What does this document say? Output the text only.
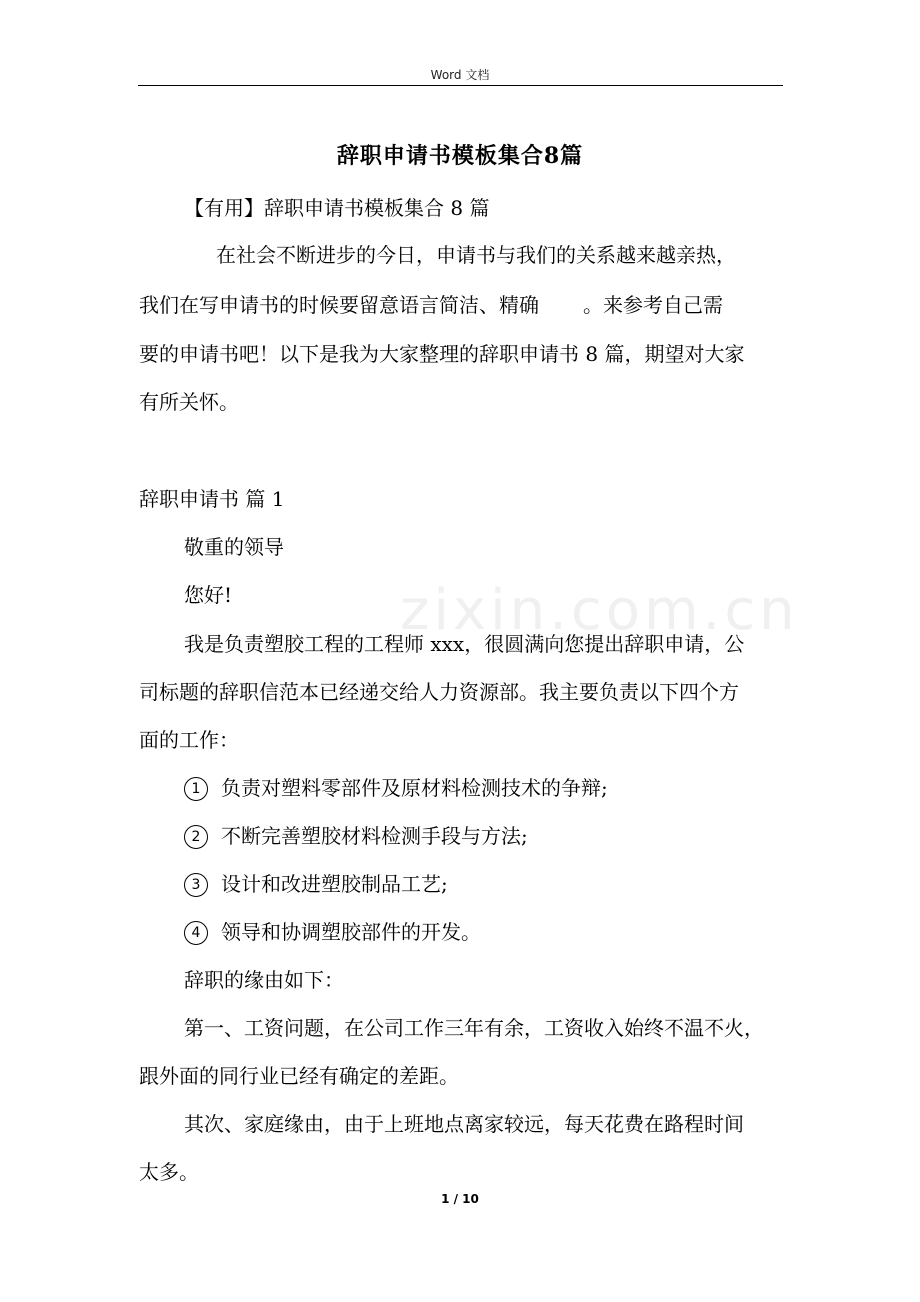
Word 文档
zixin.com.cn
辞职申请书模板集合8篇
【有用】辞职申请书模板集合 8 篇
在社会不断进步的今日，申请书与我们的关系越来越亲热，
我们在写申请书的时候要留意语言简洁、精确 。来参考自己需
要的申请书吧！以下是我为大家整理的辞职申请书 8 篇，期望对大家
有所关怀。
辞职申请书 篇 1
敬重的领导
您好!
我是负责塑胶工程的工程师 xxx，很圆满向您提出辞职申请，公
司标题的辞职信范本已经递交给人力资源部。我主要负责以下四个方
面的工作：
1 负责对塑料零部件及原材料检测技术的争辩;
2 不断完善塑胶材料检测手段与方法;
3 设计和改进塑胶制品工艺;
4 领导和协调塑胶部件的开发。
辞职的缘由如下：
第一、工资问题，在公司工作三年有余，工资收入始终不温不火，
跟外面的同行业已经有确定的差距。
其次、家庭缘由，由于上班地点离家较远，每天花费在路程时间
太多。
1 / 10
